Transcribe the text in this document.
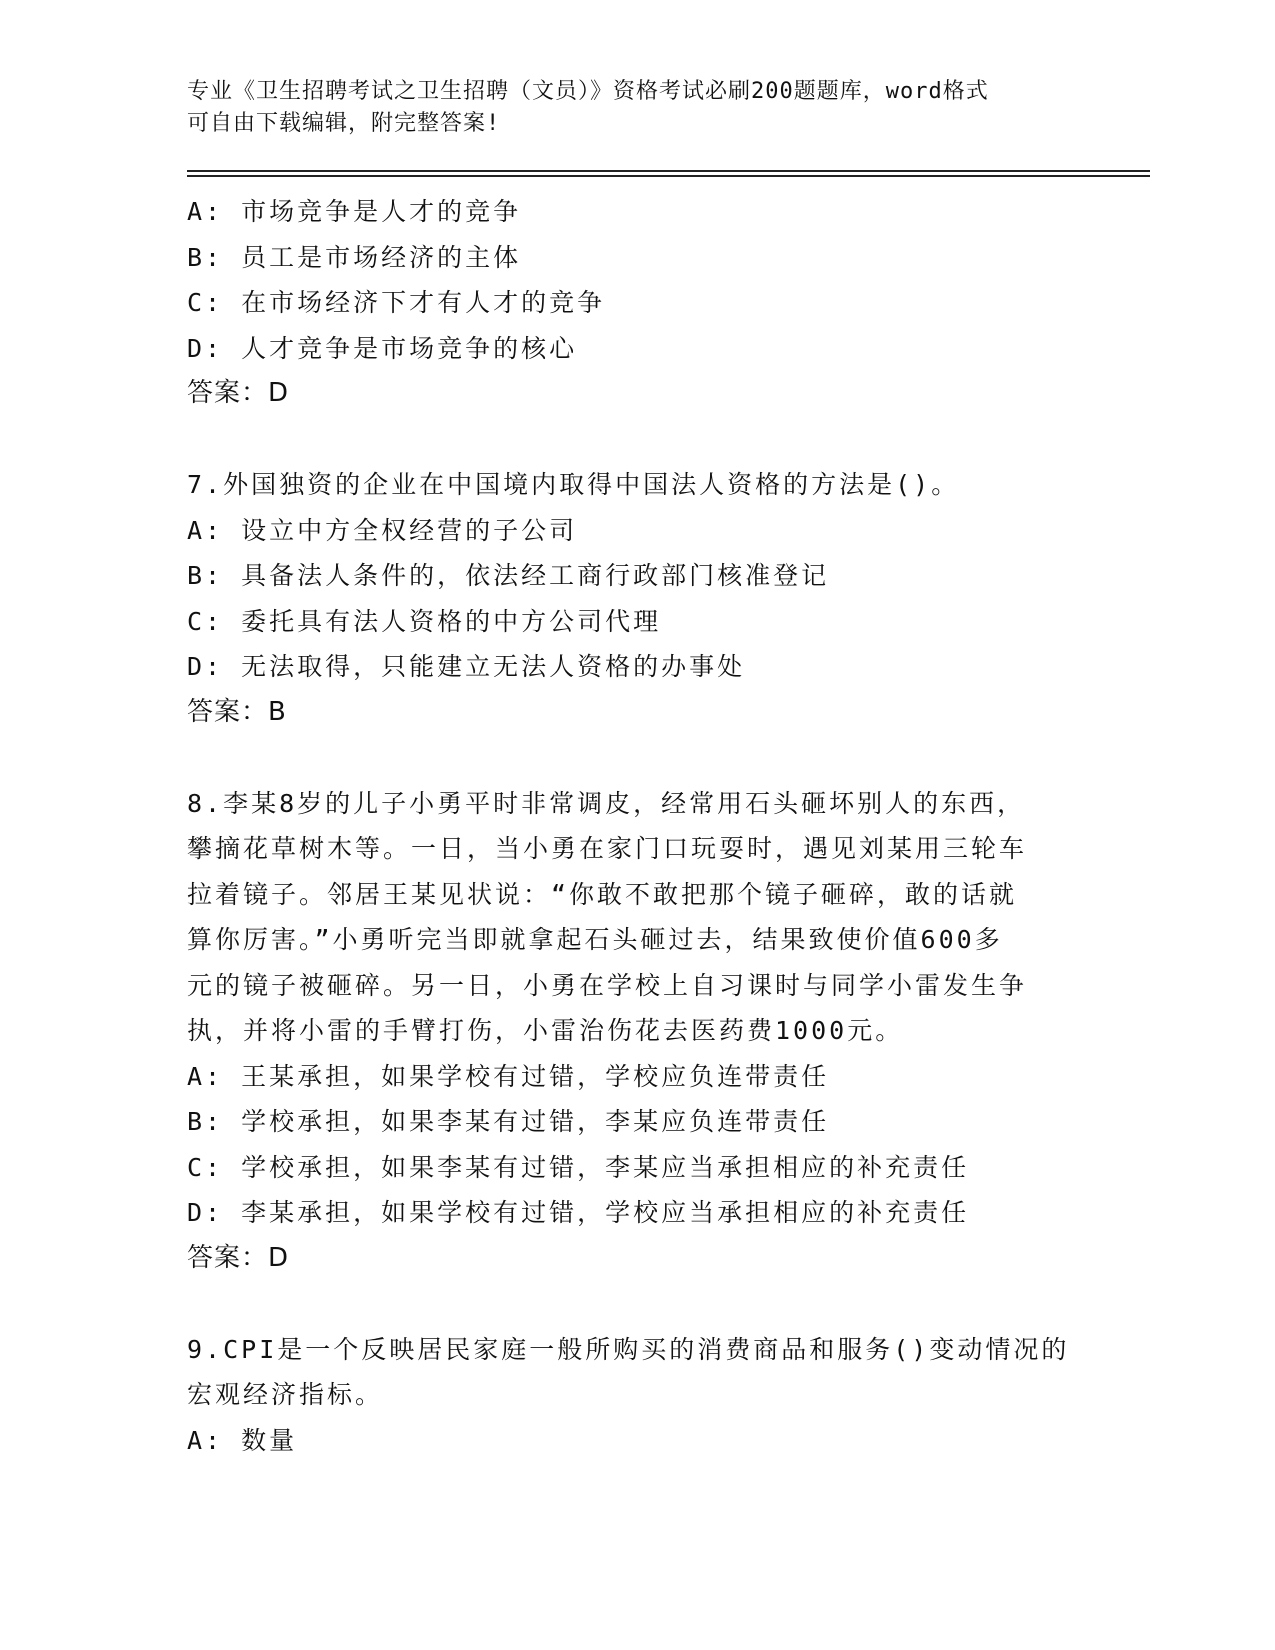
专业《卫生招聘考试之卫生招聘（文员）》资格考试必刷200题题库，word格式
可自由下载编辑，附完整答案!
A: 市场竞争是人才的竞争
B: 员工是市场经济的主体
C: 在市场经济下才有人才的竞争
D: 人才竞争是市场竞争的核心
答案：D
7.外国独资的企业在中国境内取得中国法人资格的方法是()。
A: 设立中方全权经营的子公司
B: 具备法人条件的，依法经工商行政部门核准登记
C: 委托具有法人资格的中方公司代理
D: 无法取得，只能建立无法人资格的办事处
答案：B
8.李某8岁的儿子小勇平时非常调皮，经常用石头砸坏别人的东西，
攀摘花草树木等。一日，当小勇在家门口玩耍时，遇见刘某用三轮车
拉着镜子。邻居王某见状说：“你敢不敢把那个镜子砸碎，敢的话就
算你厉害。”小勇听完当即就拿起石头砸过去，结果致使价值600多
元的镜子被砸碎。另一日，小勇在学校上自习课时与同学小雷发生争
执，并将小雷的手臂打伤，小雷治伤花去医药费1000元。
A: 王某承担，如果学校有过错，学校应负连带责任
B: 学校承担，如果李某有过错，李某应负连带责任
C: 学校承担，如果李某有过错，李某应当承担相应的补充责任
D: 李某承担，如果学校有过错，学校应当承担相应的补充责任
答案：D
9.CPI是一个反映居民家庭一般所购买的消费商品和服务()变动情况的
宏观经济指标。
A: 数量
